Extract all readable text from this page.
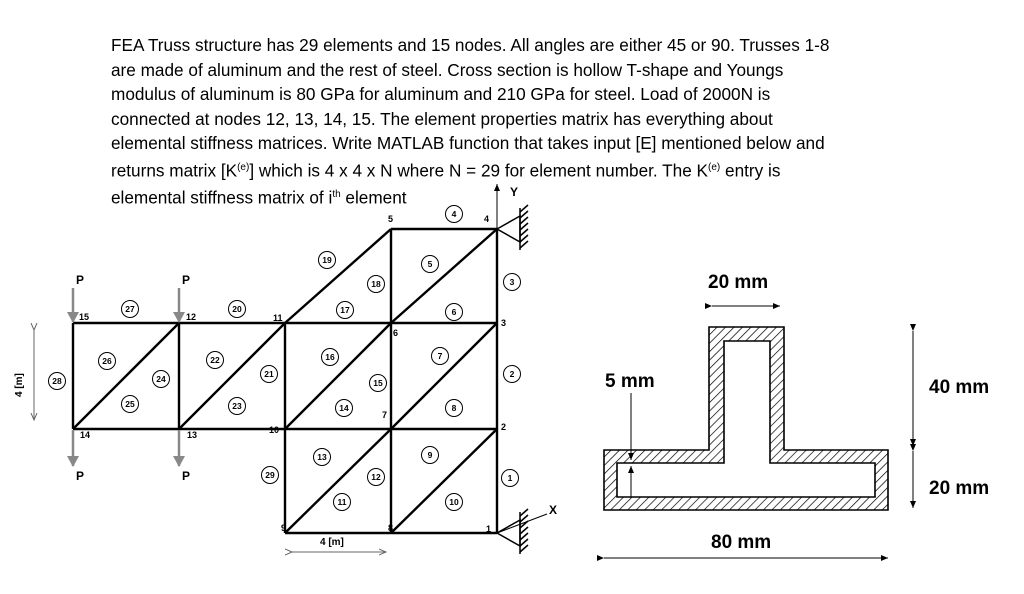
FEA Truss structure has 29 elements and 15 nodes. All angles are either 45 or 90. Trusses 1-8

are made of aluminum and the rest of steel. Cross section is hollow T-shape and Youngs

modulus of aluminum is 80 GPa for aluminum and 210 GPa for steel. Load of 2000N is

connected at nodes 12, 13, 14, 15. The element properties matrix has everything about

elemental stiffness matrices. Write MATLAB function that takes input [E] mentioned below and

returns matrix $[K^{(e)}]$ which is 4 x 4 x N where N = 29 for element number. The $K^{(e)}$ entry is

elemental stiffness matrix of $i^{th}$ element	Y
X
P	P
P	P
1
2
3
4
5
6
7
8
9
10
11
12
13
14
15
1
2
3
4
5
6
7
8
9
10
11
12
13
14
15
16
17
18
19
20
21
22
23
24
25
26
27
28
29
4 [m]
4 [m]
20 mm
5 mm	40 mm
20 mm
80 mm
